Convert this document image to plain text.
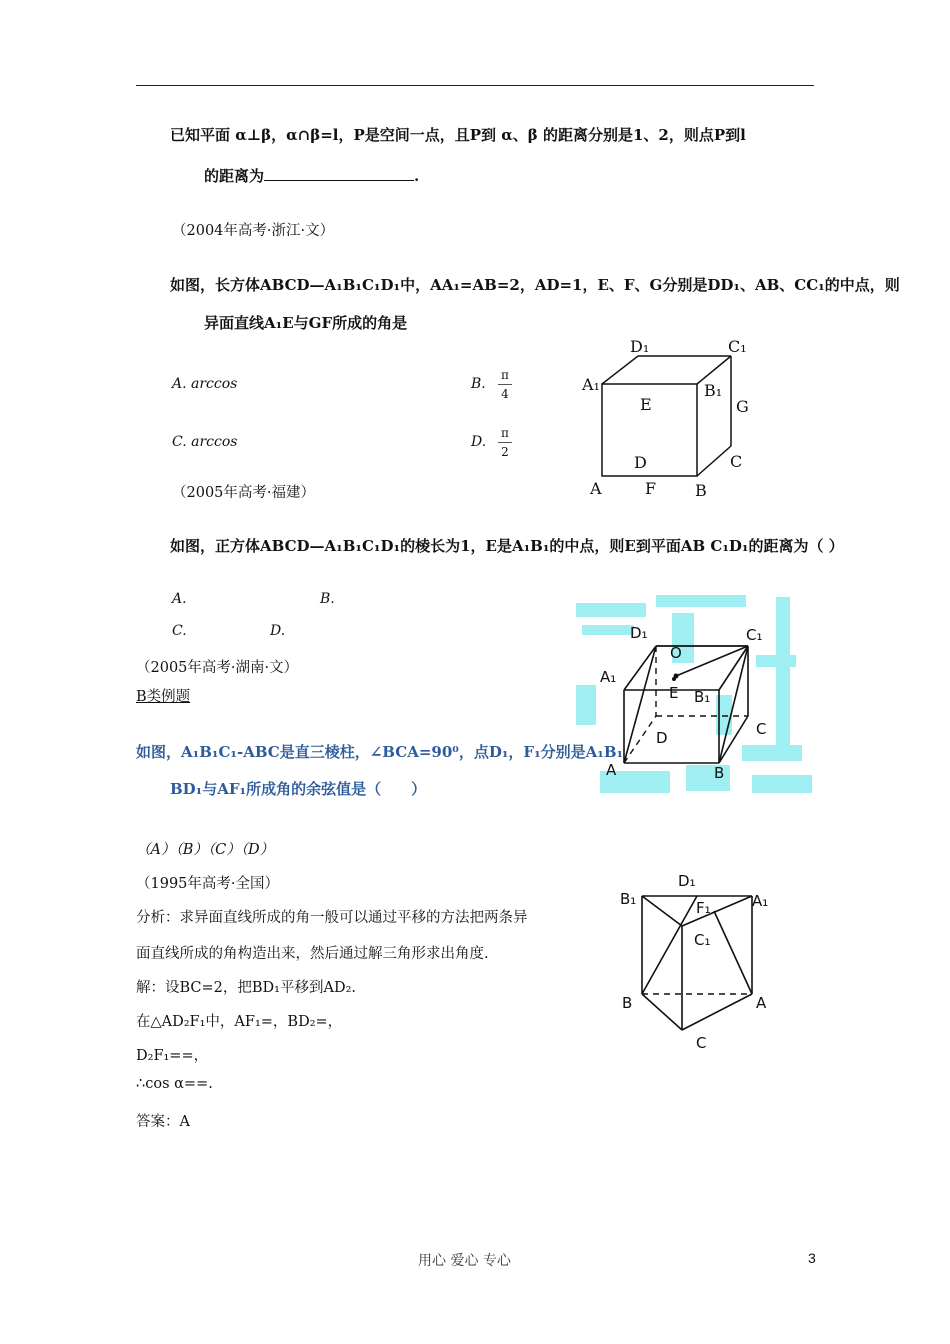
已知平面 α⊥β，α∩β=l，P是空间一点，且P到 α、β 的距离分别是1、2，则点P到l
的距离为	.
（2004年高考·浙江·文）
如图，长方体ABCD—A₁B₁C₁D₁中，AA₁=AB=2，AD=1，E、F、G分别是DD₁、AB、CC₁的中点，则
异面直线A₁E与GF所成的角是
A. arccos	B.
π
4
C. arccos	D.
π
2
（2005年高考·福建）
D₁	C₁
A₁	B₁
E	G
D	C
A	F B
如图，正方体ABCD—A₁B₁C₁D₁的棱长为1，E是A₁B₁的中点，则E到平面AB C₁D₁的距离为（ ）
A.	B.
C.	D.
（2005年高考·湖南·文）
D₁	C₁
O
A₁
E B₁
C
D
A	B
B类例题
如图，A₁B₁C₁-ABC是直三棱柱，∠BCA=90⁰，点D₁，F₁分别是A₁B₁
BD₁与AF₁所成角的余弦值是（　　）
（A）（B）（C）（D）
（1995年高考·全国）
分析：求异面直线所成的角一般可以通过平移的方法把两条异
面直线所成的角构造出来，然后通过解三角形求出角度.
解：设BC=2，把BD₁平移到AD₂.
在△AD₂F₁中，AF₁=，BD₂=，
D₂F₁==，
∴cos α==.
答案：A
D₁
B₁	A₁
F₁
C₁
B	A
C
用心 爱心 专心	3
